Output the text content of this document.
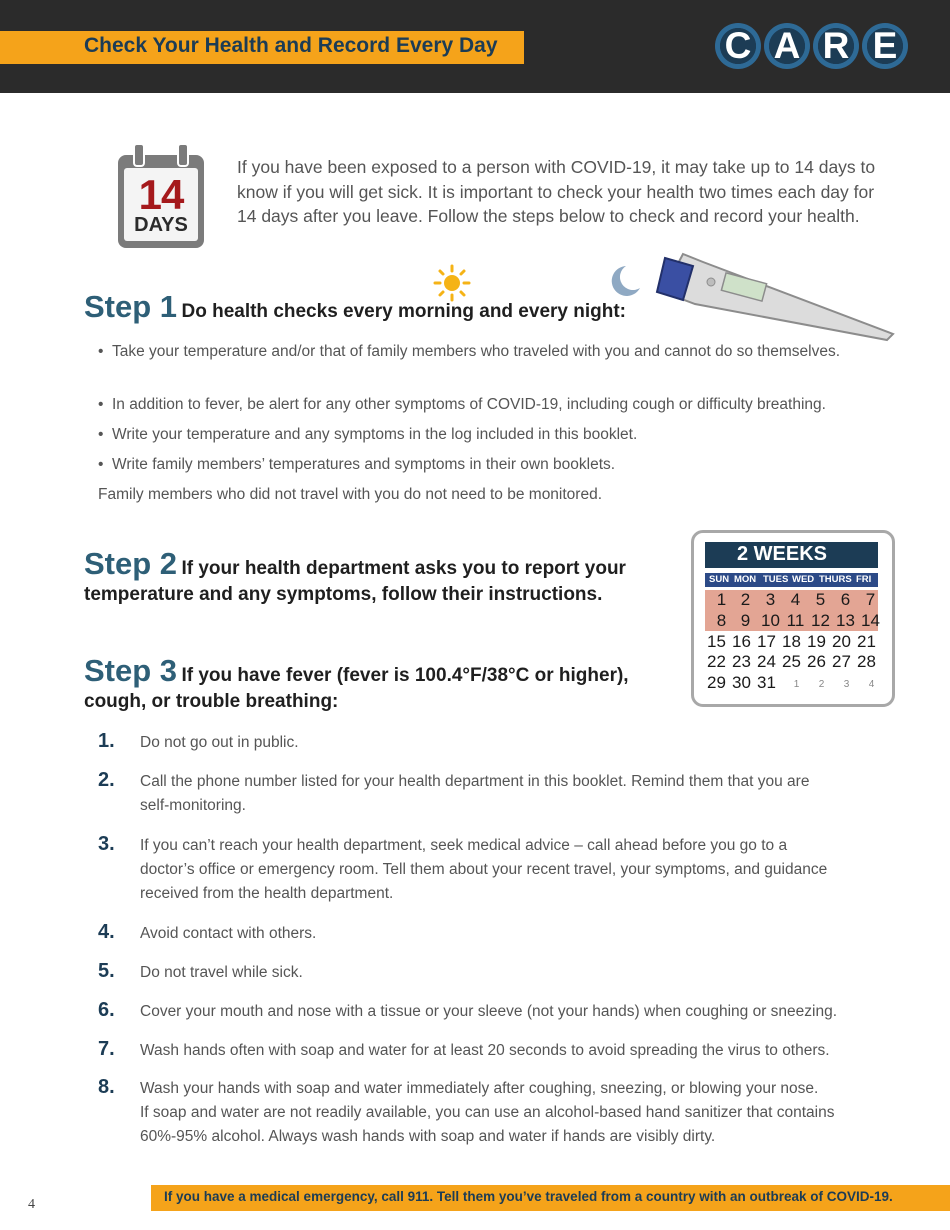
Check Your Health and Record Every Day	C A R E
14
DAYS
If you have been exposed to a person with COVID-19, it may take up to 14 days to know if you will get sick. It is important to check your health two times each day for 14 days after you leave. Follow the steps below to check and record your health.
Step 1 Do health checks every morning and every night:
• Take your temperature and/or that of family members who traveled with you and cannot do so themselves.
• In addition to fever, be alert for any other symptoms of COVID-19, including cough or difficulty breathing.
• Write your temperature and any symptoms in the log included in this booklet.
• Write family members’ temperatures and symptoms in their own booklets.
Family members who did not travel with you do not need to be monitored.
Step 2 If your health department asks you to report your
temperature and any symptoms, follow their instructions.
Step 3 If you have fever (fever is 100.4°F/38°C or higher),
cough, or trouble breathing:
2 WEEKS
SUN MON TUES WED THURS FRI
1 2 3 4 5 6 7
8 9 10 11 12 13 14
15 16 17 18 19 20 21
22 23 24 25 26 27 28
29 30 31	1	2	3	4
1. Do not go out in public.
2. Call the phone number listed for your health department in this booklet. Remind them that you are
self-monitoring.
3. If you can’t reach your health department, seek medical advice – call ahead before you go to a
doctor’s office or emergency room. Tell them about your recent travel, your symptoms, and guidance
received from the health department.
4. Avoid contact with others.
5. Do not travel while sick.
6. Cover your mouth and nose with a tissue or your sleeve (not your hands) when coughing or sneezing.
7. Wash hands often with soap and water for at least 20 seconds to avoid spreading the virus to others.
8. Wash your hands with soap and water immediately after coughing, sneezing, or blowing your nose.
If soap and water are not readily available, you can use an alcohol-based hand sanitizer that contains
60%-95% alcohol. Always wash hands with soap and water if hands are visibly dirty.
4
If you have a medical emergency, call 911. Tell them you’ve traveled from a country with an outbreak of COVID-19.
